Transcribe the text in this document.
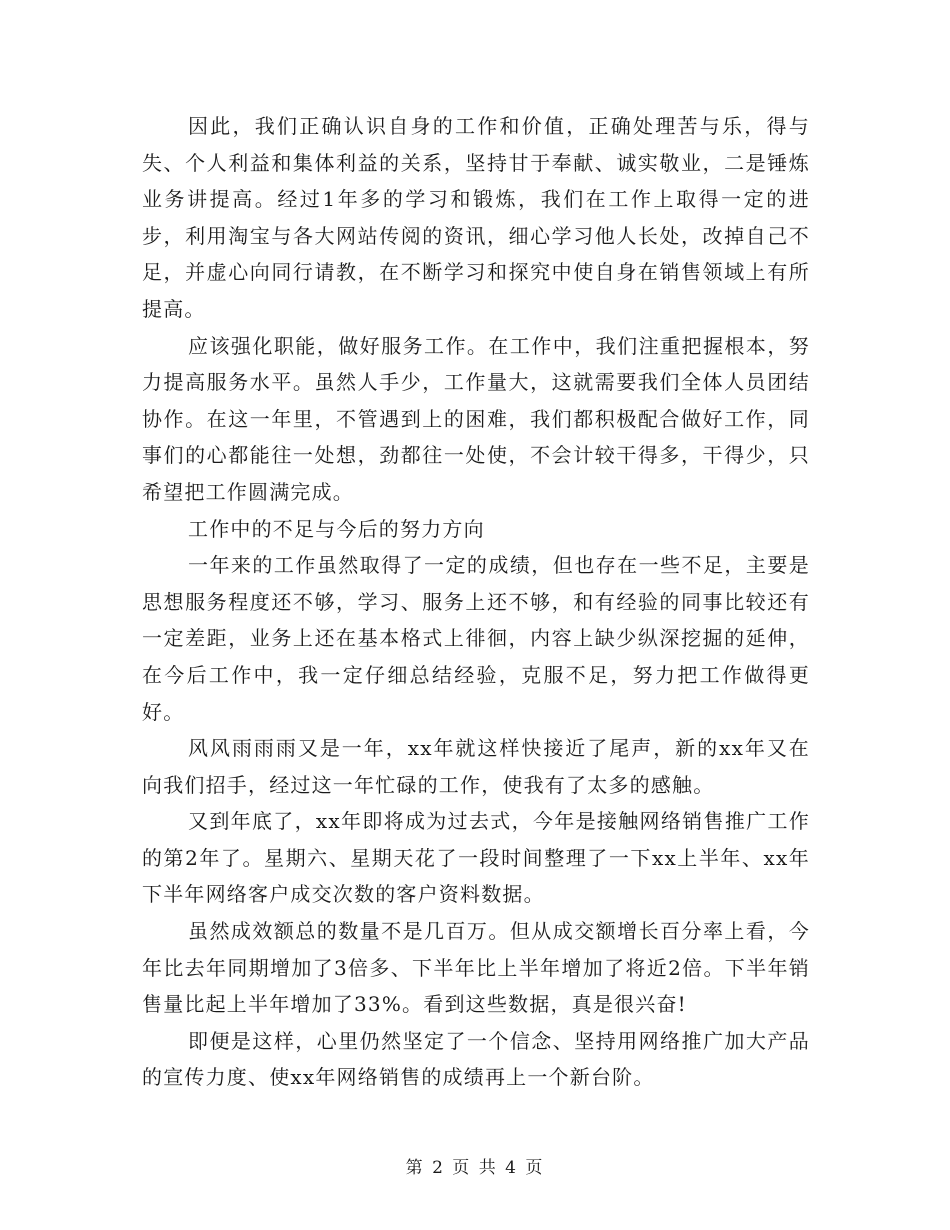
因此，我们正确认识自身的工作和价值，正确处理苦与乐，得与失、个人利益和集体利益的关系，坚持甘于奉献、诚实敬业，二是锤炼业务讲提高。经过1年多的学习和锻炼，我们在工作上取得一定的进步，利用淘宝与各大网站传阅的资讯，细心学习他人长处，改掉自己不足，并虚心向同行请教，在不断学习和探究中使自身在销售领域上有所提高。

应该强化职能，做好服务工作。在工作中，我们注重把握根本，努力提高服务水平。虽然人手少，工作量大，这就需要我们全体人员团结协作。在这一年里，不管遇到上的困难，我们都积极配合做好工作，同事们的心都能往一处想，劲都往一处使，不会计较干得多，干得少，只希望把工作圆满完成。

工作中的不足与今后的努力方向

一年来的工作虽然取得了一定的成绩，但也存在一些不足，主要是思想服务程度还不够，学习、服务上还不够，和有经验的同事比较还有一定差距，业务上还在基本格式上徘徊，内容上缺少纵深挖掘的延伸，在今后工作中，我一定仔细总结经验，克服不足，努力把工作做得更好。

风风雨雨雨又是一年，xx年就这样快接近了尾声，新的xx年又在向我们招手，经过这一年忙碌的工作，使我有了太多的感触。

又到年底了，xx年即将成为过去式，今年是接触网络销售推广工作的第2年了。星期六、星期天花了一段时间整理了一下xx上半年、xx年下半年网络客户成交次数的客户资料数据。

虽然成效额总的数量不是几百万。但从成交额增长百分率上看，今年比去年同期增加了3倍多、下半年比上半年增加了将近2倍。下半年销售量比起上半年增加了33%。看到这些数据，真是很兴奋!

即便是这样，心里仍然坚定了一个信念、坚持用网络推广加大产品的宣传力度、使xx年网络销售的成绩再上一个新台阶。

第 2 页 共 4 页
